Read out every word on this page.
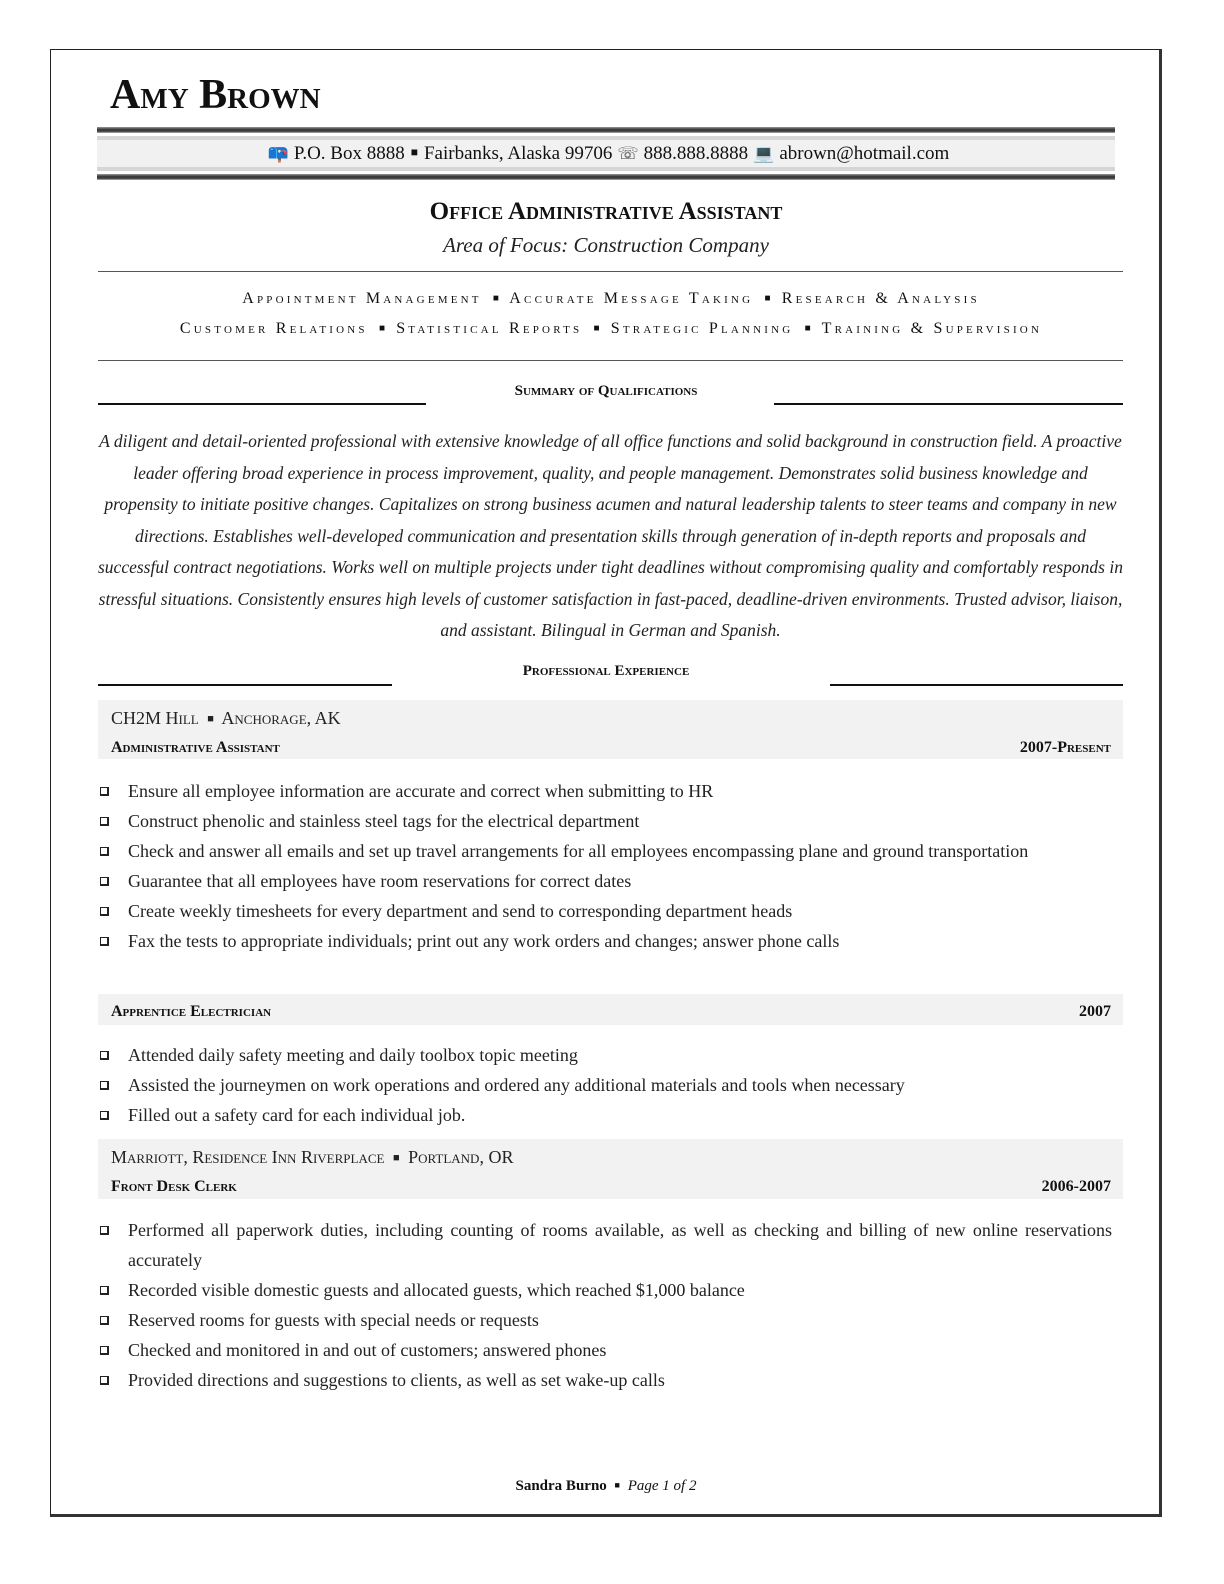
Amy Brown
📪 P.O. Box 8888 ■ Fairbanks, Alaska 99706 ☏ 888.888.8888 💻 abrown@hotmail.com
Office Administrative Assistant
Area of Focus: Construction Company
Appointment Management ■ Accurate Message Taking ■ Research & Analysis
Customer Relations ■ Statistical Reports ■ Strategic Planning ■ Training & Supervision
Summary of Qualifications
A diligent and detail-oriented professional with extensive knowledge of all office functions and solid background in construction field. A proactive leader offering broad experience in process improvement, quality, and people management. Demonstrates solid business knowledge and propensity to initiate positive changes. Capitalizes on strong business acumen and natural leadership talents to steer teams and company in new directions. Establishes well-developed communication and presentation skills through generation of in-depth reports and proposals and successful contract negotiations. Works well on multiple projects under tight deadlines without compromising quality and comfortably responds in stressful situations. Consistently ensures high levels of customer satisfaction in fast-paced, deadline-driven environments. Trusted advisor, liaison, and assistant. Bilingual in German and Spanish.
Professional Experience
CH2M Hill ■ Anchorage, AK
Administrative Assistant	2007-Present
Ensure all employee information are accurate and correct when submitting to HR
Construct phenolic and stainless steel tags for the electrical department
Check and answer all emails and set up travel arrangements for all employees encompassing plane and ground transportation
Guarantee that all employees have room reservations for correct dates
Create weekly timesheets for every department and send to corresponding department heads
Fax the tests to appropriate individuals; print out any work orders and changes; answer phone calls
Apprentice Electrician	2007
Attended daily safety meeting and daily toolbox topic meeting
Assisted the journeymen on work operations and ordered any additional materials and tools when necessary
Filled out a safety card for each individual job.
Marriott, Residence Inn Riverplace ■ Portland, OR
Front Desk Clerk	2006-2007
Performed all paperwork duties, including counting of rooms available, as well as checking and billing of new online reservations accurately
Recorded visible domestic guests and allocated guests, which reached $1,000 balance
Reserved rooms for guests with special needs or requests
Checked and monitored in and out of customers; answered phones
Provided directions and suggestions to clients, as well as set wake-up calls
Sandra Burno ■ Page 1 of 2
